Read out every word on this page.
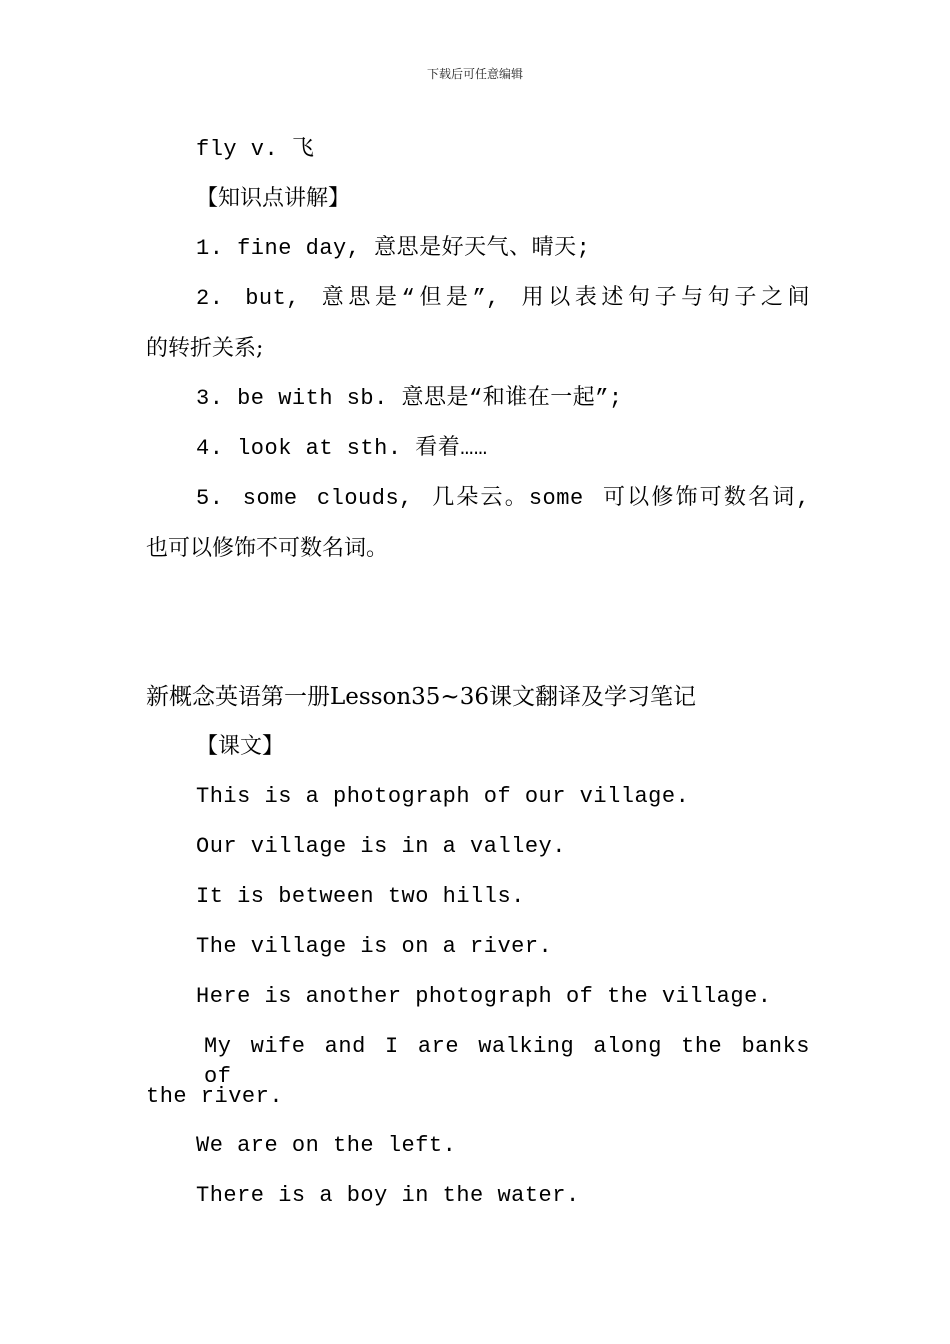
下载后可任意编辑
fly v. 飞
【知识点讲解】
1. fine day, 意思是好天气、晴天;
2. but, 意思是“但是”, 用以表述句子与句子之间
的转折关系;
3. be with sb. 意思是“和谁在一起”;
4. look at sth. 看着……
5. some clouds, 几朵云。some 可以修饰可数名词,
也可以修饰不可数名词。
新概念英语第一册Lesson35~36课文翻译及学习笔记
【课文】
This is a photograph of our village.
Our village is in a valley.
It is between two hills.
The village is on a river.
Here is another photograph of the village.
My wife and I are walking along the banks of
the river.
We are on the left.
There is a boy in the water.
